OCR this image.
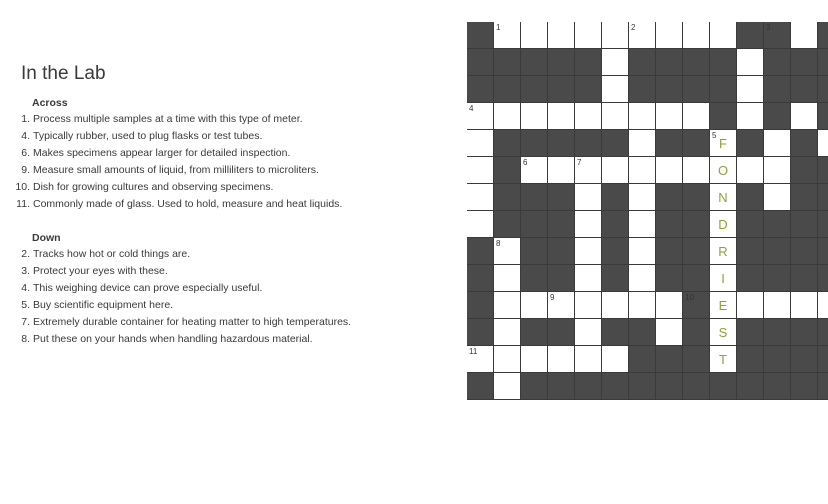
In the Lab
Across
1. Process multiple samples at a time with this type of meter.
4. Typically rubber, used to plug flasks or test tubes.
6. Makes specimens appear larger for detailed inspection.
9. Measure small amounts of liquid, from milliliters to microliters.
10. Dish for growing cultures and observing specimens.
11. Commonly made of glass. Used to hold, measure and heat liquids.
Down
2. Tracks how hot or cold things are.
3. Protect your eyes with these.
4. This weighing device can prove especially useful.
5. Buy scientific equipment here.
7. Extremely durable container for heating matter to high temperatures.
8. Put these on your hands when handling hazardous material.
1	2	3
4
5
F
6	7
O
N
D
8
R
I
9	10
E
S
11
T
